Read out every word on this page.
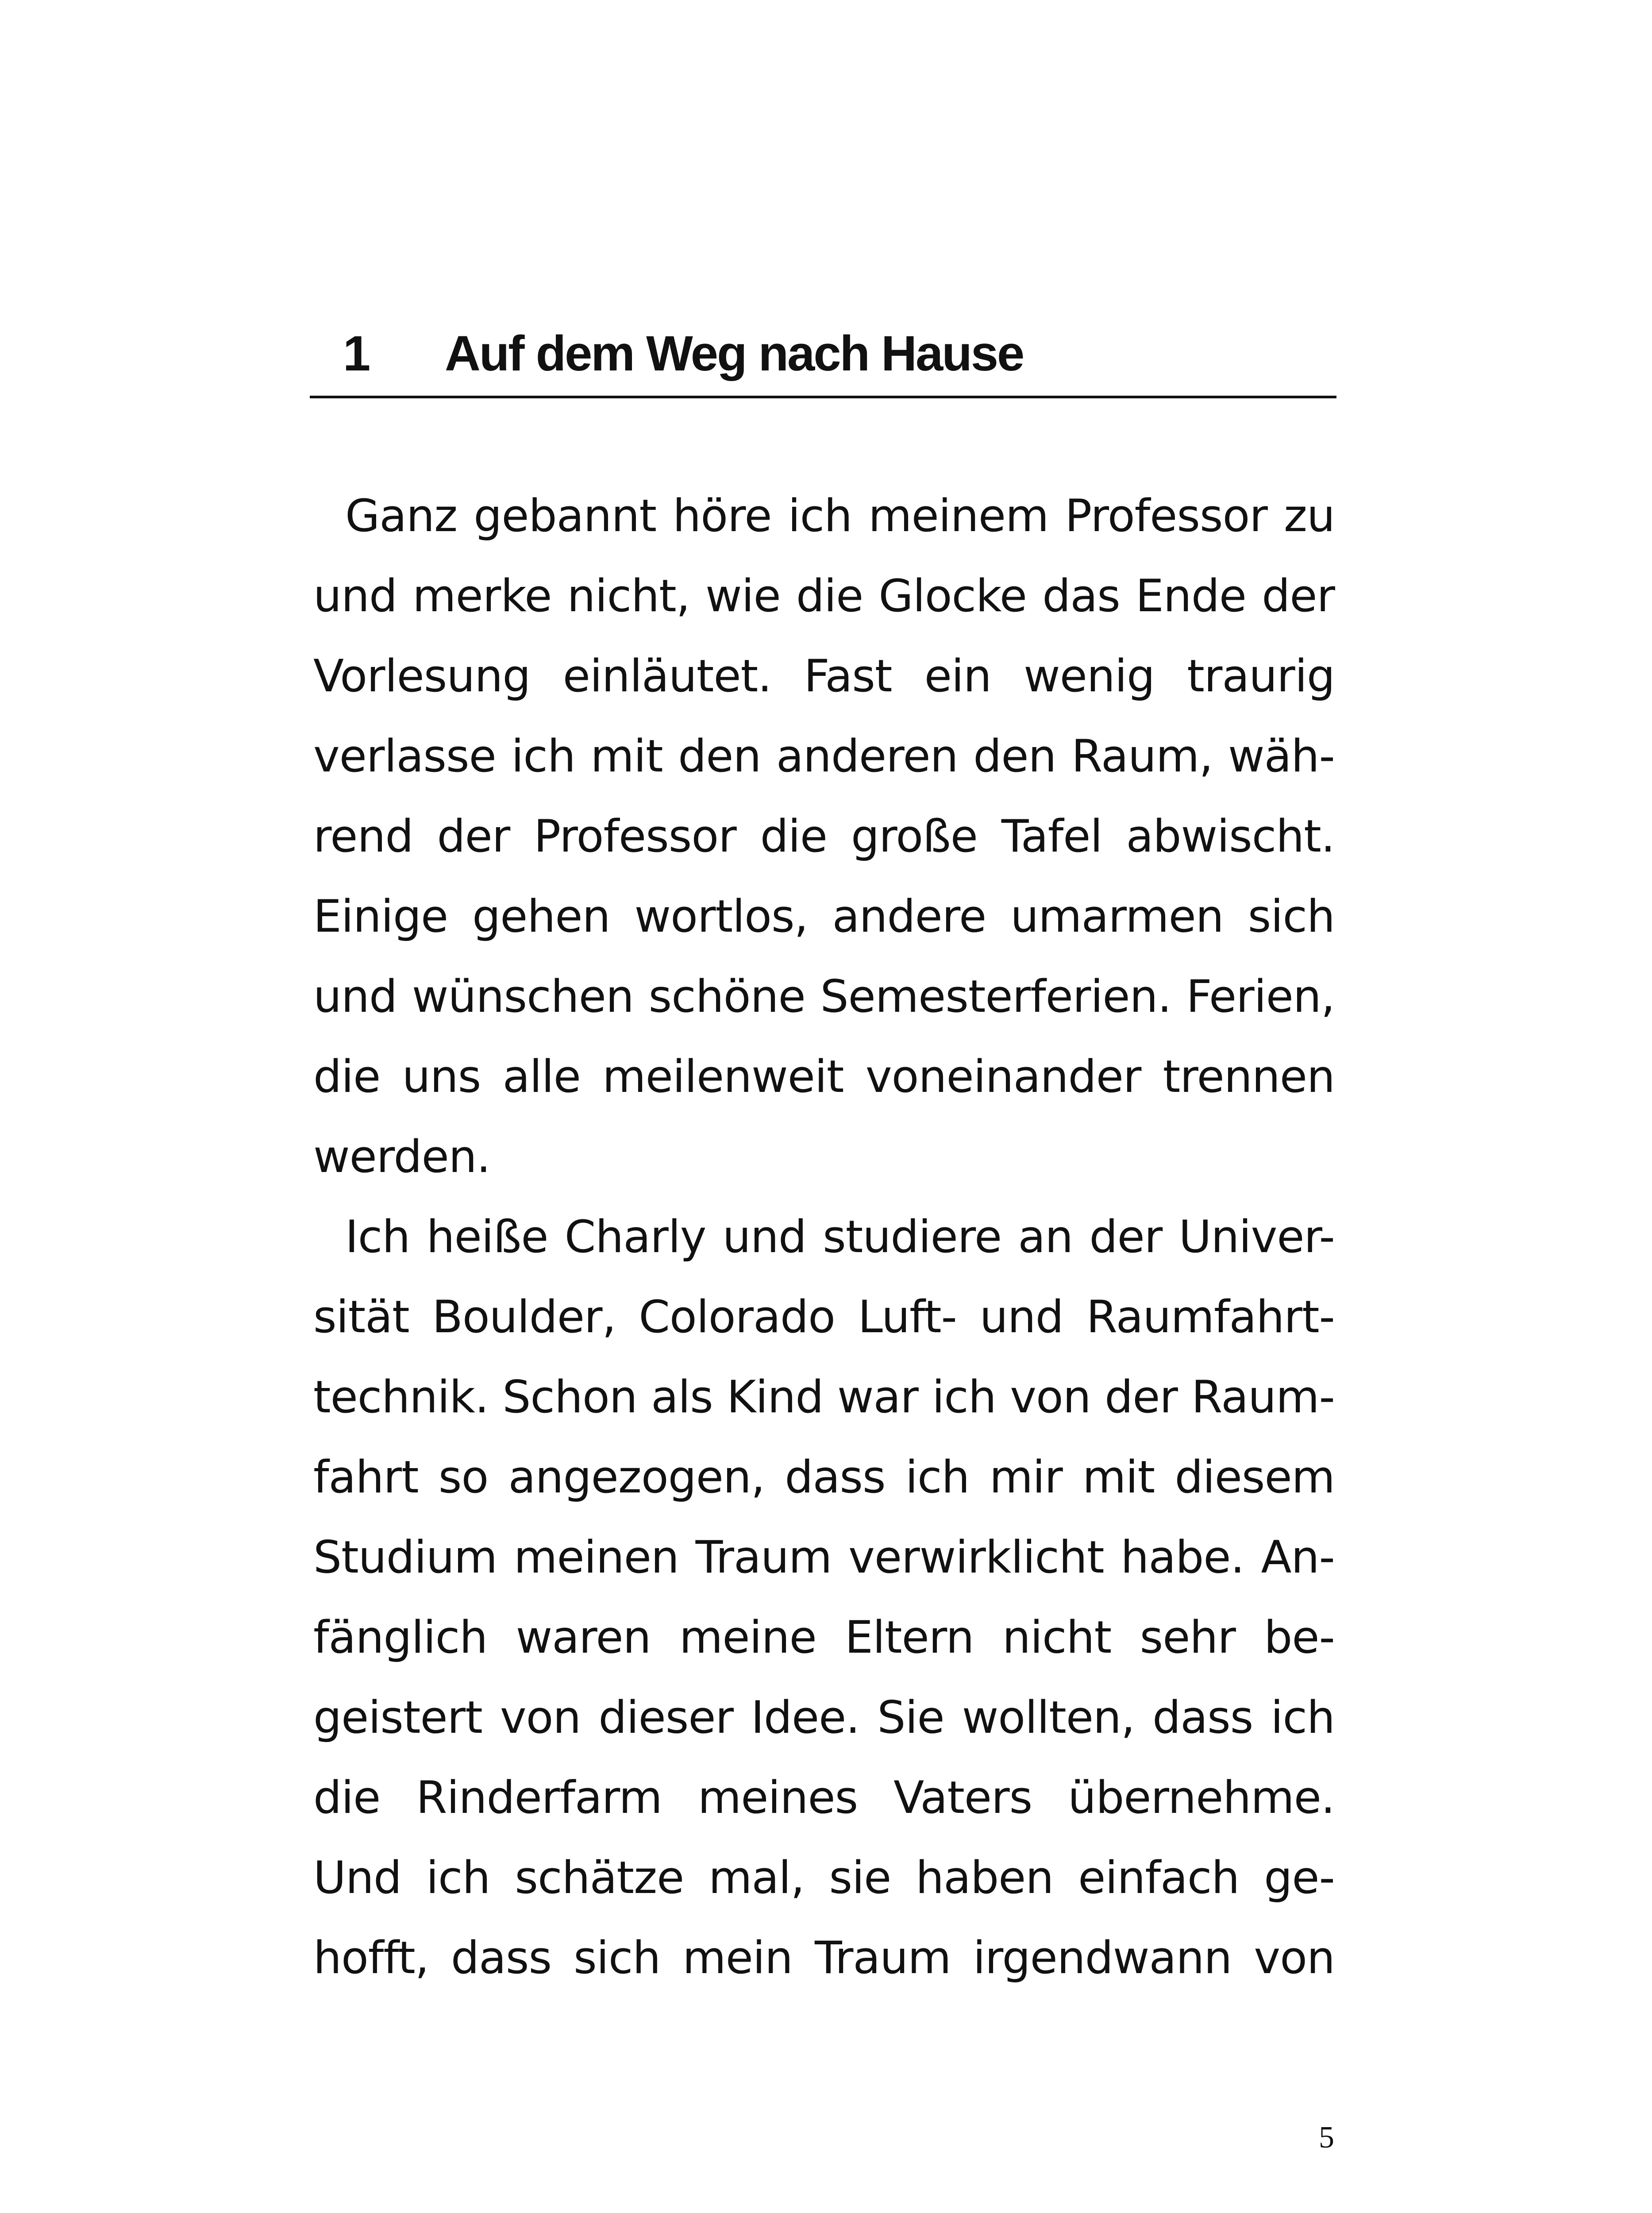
1 Auf dem Weg nach Hause
Ganz gebannt höre ich meinem Professor zu
und merke nicht, wie die Glocke das Ende der
Vorlesung einläutet. Fast ein wenig traurig
verlasse ich mit den anderen den Raum, wäh-
rend der Professor die große Tafel abwischt.
Einige gehen wortlos, andere umarmen sich
und wünschen schöne Semesterferien. Ferien,
die uns alle meilenweit voneinander trennen
werden.
Ich heiße Charly und studiere an der Univer-
sität Boulder, Colorado Luft- und Raumfahrt-
technik. Schon als Kind war ich von der Raum-
fahrt so angezogen, dass ich mir mit diesem
Studium meinen Traum verwirklicht habe. An-
fänglich waren meine Eltern nicht sehr be-
geistert von dieser Idee. Sie wollten, dass ich
die Rinderfarm meines Vaters übernehme.
Und ich schätze mal, sie haben einfach ge-
hofft, dass sich mein Traum irgendwann von
5
